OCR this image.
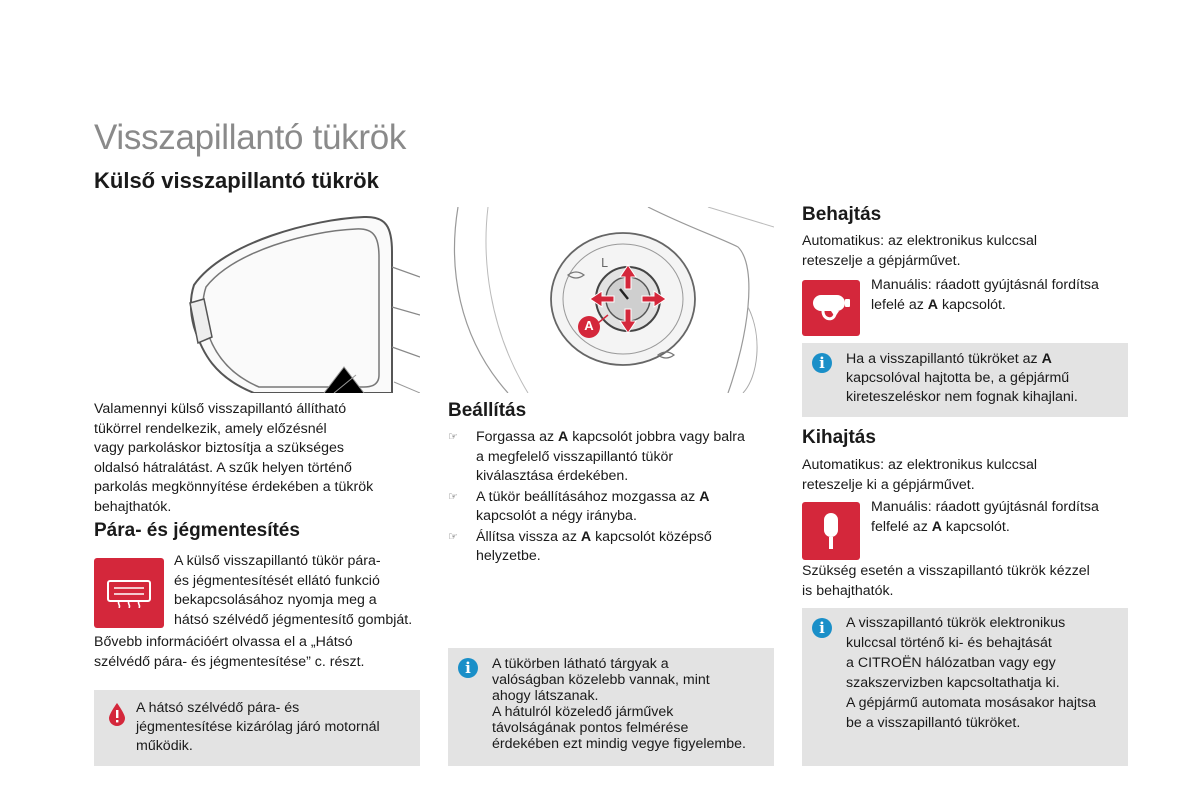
Visszapillantó tükrök
Külső visszapillantó tükrök
Valamennyi külső visszapillantó állítható
tükörrel rendelkezik, amely előzésnél
vagy parkoláskor biztosítja a szükséges
oldalsó hátralátást. A szűk helyen történő
parkolás megkönnyítése érdekében a tükrök
behajthatók.
Pára- és jégmentesítés
A külső visszapillantó tükör pára-
és jégmentesítését ellátó funkció
bekapcsolásához nyomja meg a
hátsó szélvédő jégmentesítő gombját.
Bővebb információért olvassa el a „Hátsó
szélvédő pára- és jégmentesítése” c. részt.
A hátsó szélvédő pára- és
jégmentesítése kizárólag járó motornál
működik.
L
A
Beállítás
☞ Forgassa az A kapcsolót jobbra vagy balra a megfelelő visszapillantó tükör kiválasztása érdekében.
☞ A tükör beállításához mozgassa az A kapcsolót a négy irányba.
☞ Állítsa vissza az A kapcsolót középső helyzetbe.
i	A tükörben látható tárgyak a
valóságban közelebb vannak, mint
ahogy látszanak.
A hátulról közeledő járművek
távolságának pontos felmérése
érdekében ezt mindig vegye figyelembe.
Behajtás
Automatikus: az elektronikus kulccsal
reteszelje a gépjárművet.
Manuális: ráadott gyújtásnál fordítsa lefelé az A kapcsolót.
i	Ha a visszapillantó tükröket az A kapcsolóval hajtotta be, a gépjármű kireteszeléskor nem fognak kihajlani.
Kihajtás
Automatikus: az elektronikus kulccsal
reteszelje ki a gépjárművet.
Manuális: ráadott gyújtásnál fordítsa felfelé az A kapcsolót.
Szükség esetén a visszapillantó tükrök kézzel
is behajthatók.
i	A visszapillantó tükrök elektronikus
kulccsal történő ki- és behajtását
a CITROËN hálózatban vagy egy
szakszervizben kapcsoltathatja ki.
A gépjármű automata mosásakor hajtsa
be a visszapillantó tükröket.
